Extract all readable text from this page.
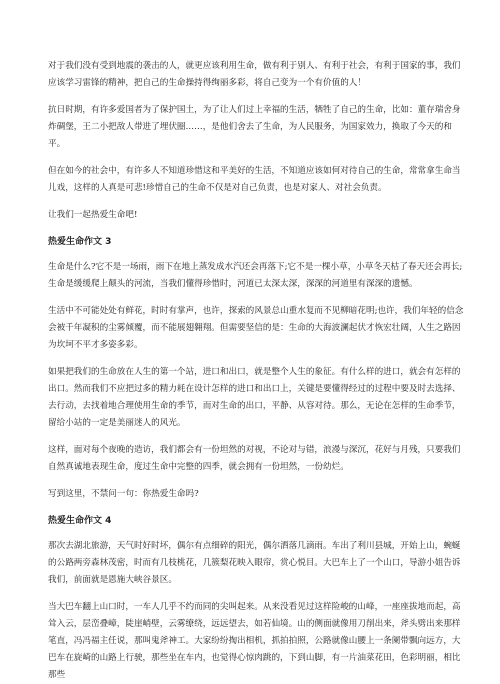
对于我们没有受到地震的袭击的人，就更应该利用生命，做有利于别人、有利于社会，有利于国家的事，我们应该学习雷锋的精神，把自己的生命操持得绚丽多彩，将自己变为一个有价值的人！

抗日时期，有许多爱国者为了保护国土，为了让人们过上幸福的生活，牺牲了自己的生命，比如：董存瑞舍身炸碉堡，王二小把敌人带进了埋伏圈……，是他们舍去了生命，为人民服务，为国家效力，换取了今天的和平。

但在如今的社会中，有许多人不知道珍惜这和平美好的生活，不知道应该如何对待自己的生命，常常拿生命当儿戏，这样的人真是可悲!珍惜自己的生命不仅是对自己负责，也是对家人、对社会负责。

让我们一起热爱生命吧!

热爱生命作文 3

生命是什么?它不是一场雨，雨下在地上蒸发成水汽还会再落下;它不是一棵小草，小草冬天枯了春天还会再长;生命是缓缓爬上颠头的河流，当我们懂得珍惜时，河道已太深太深，深深的河道里有深深的遗憾。

生活中不可能处处有鲜花，时时有掌声，也许，探索的风景总山重水复而不见柳暗花明;也许，我们年轻的信念会被千年凝积的尘雾倾覆，而不能展翅翱翔。但需要坚信的是：生命的大海波澜起伏才恢宏壮阔，人生之路因为坎坷不平才多姿多彩。

如果把我们的生命放在人生的第一个站，进口和出口，就是整个人生的象征。有什么样的进口，就会有怎样的出口。然而我们不应把过多的精力耗在设计怎样的进口和出口上，关键是要懂得经过的过程中要及时去选择、去行动，去找着地合理使用生命的季节，而对生命的出口，平静、从容对待。那么，无论在怎样的生命季节，留给小站的一定是美丽迷人的风光。

这样，面对每个夜晚的造访，我们都会有一份坦然的对视，不论对与错，浪漫与深沉，花好与月残，只要我们自然真诚地表现生命，度过生命中完整的四季，就会拥有一份坦然，一份幼烂。

写到这里，不禁问一句：你热爱生命吗?

热爱生命作文 4

那次去湖北旅游，天气时好时坏，偶尔有点细碎的阳光，偶尔洒落几滴雨。车出了利川县城，开始上山，蜿蜒的公路两旁森林茂密，时而有几枝桃花，几簇梨花映入眼帘，赏心悦目。大巴车上了一个山口，导游小姐告诉我们，前面就是恩施大峡谷景区。

当大巴车翻上山口时，一车人几乎不约而同的尖叫起来。从来没看见过这样险峻的山峰，一座座拔地而起，高耸入云，层峦叠嶂，陡崖峭壁，云雾缭绕，远远望去，如若仙境。山的侧面就像用刀削出来，斧头劈出来那样笔直，冯冯福主任说，那叫鬼斧神工。大家纷纷掏出相机，抓拍拍照，公路就像山腰上一条阑带飘向远方，大巴车在旋崎的山路上行驶，那些坐在车内，也觉得心惊肉跳的，下到山脚，有一片油菜花田，色彩明丽，相比那些
